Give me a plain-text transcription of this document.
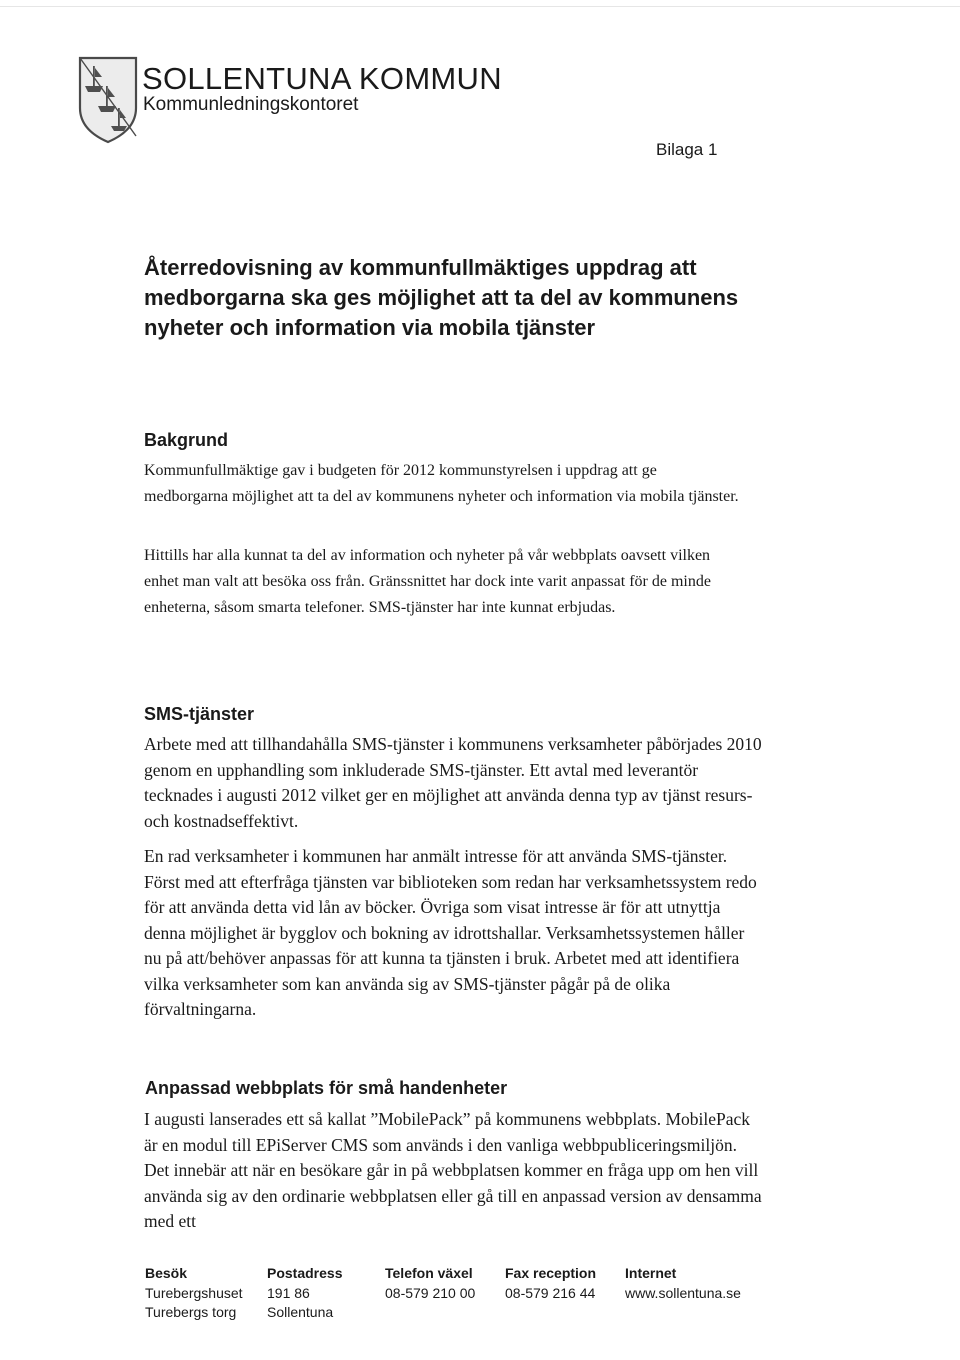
SOLLENTUNA KOMMUN
Kommunledningskontoret
Bilaga 1
Återredovisning av kommunfullmäktiges uppdrag att medborgarna ska ges möjlighet att ta del av kommunens nyheter och information via mobila tjänster
Bakgrund

Kommunfullmäktige gav i budgeten för 2012 kommunstyrelsen i uppdrag att ge medborgarna möjlighet att ta del av kommunens nyheter och information via mobila tjänster.

Hittills har alla kunnat ta del av information och nyheter på vår webbplats oavsett vilken enhet man valt att besöka oss från. Gränssnittet har dock inte varit anpassat för de minde enheterna, såsom smarta telefoner. SMS-tjänster har inte kunnat erbjudas.

SMS-tjänster

Arbete med att tillhandahålla SMS-tjänster i kommunens verksamheter påbörjades 2010 genom en upphandling som inkluderade SMS-tjänster. Ett avtal med leverantör tecknades i augusti 2012 vilket ger en möjlighet att använda denna typ av tjänst resurs- och kostnadseffektivt.

En rad verksamheter i kommunen har anmält intresse för att använda SMS-tjänster. Först med att efterfråga tjänsten var biblioteken som redan har verksamhetssystem redo för att använda detta vid lån av böcker. Övriga som visat intresse är för att utnyttja denna möjlighet är bygglov och bokning av idrottshallar. Verksamhetssystemen håller nu på att/behöver anpassas för att kunna ta tjänsten i bruk. Arbetet med att identifiera vilka verksamheter som kan använda sig av SMS-tjänster pågår på de olika förvaltningarna.

Anpassad webbplats för små handenheter

I augusti lanserades ett så kallat ”MobilePack” på kommunens webbplats. MobilePack är en modul till EPiServer CMS som används i den vanliga webbpubliceringsmiljön. Det innebär att när en besökare går in på webbplatsen kommer en fråga upp om hen vill använda sig av den ordinarie webbplatsen eller gå till en anpassad version av densamma med ett

Besök
Turebergshuset
Turebergs torg
Postadress
191 86
Sollentuna
Telefon växel
08-579 210 00
Fax reception
08-579 216 44
Internet
www.sollentuna.se
